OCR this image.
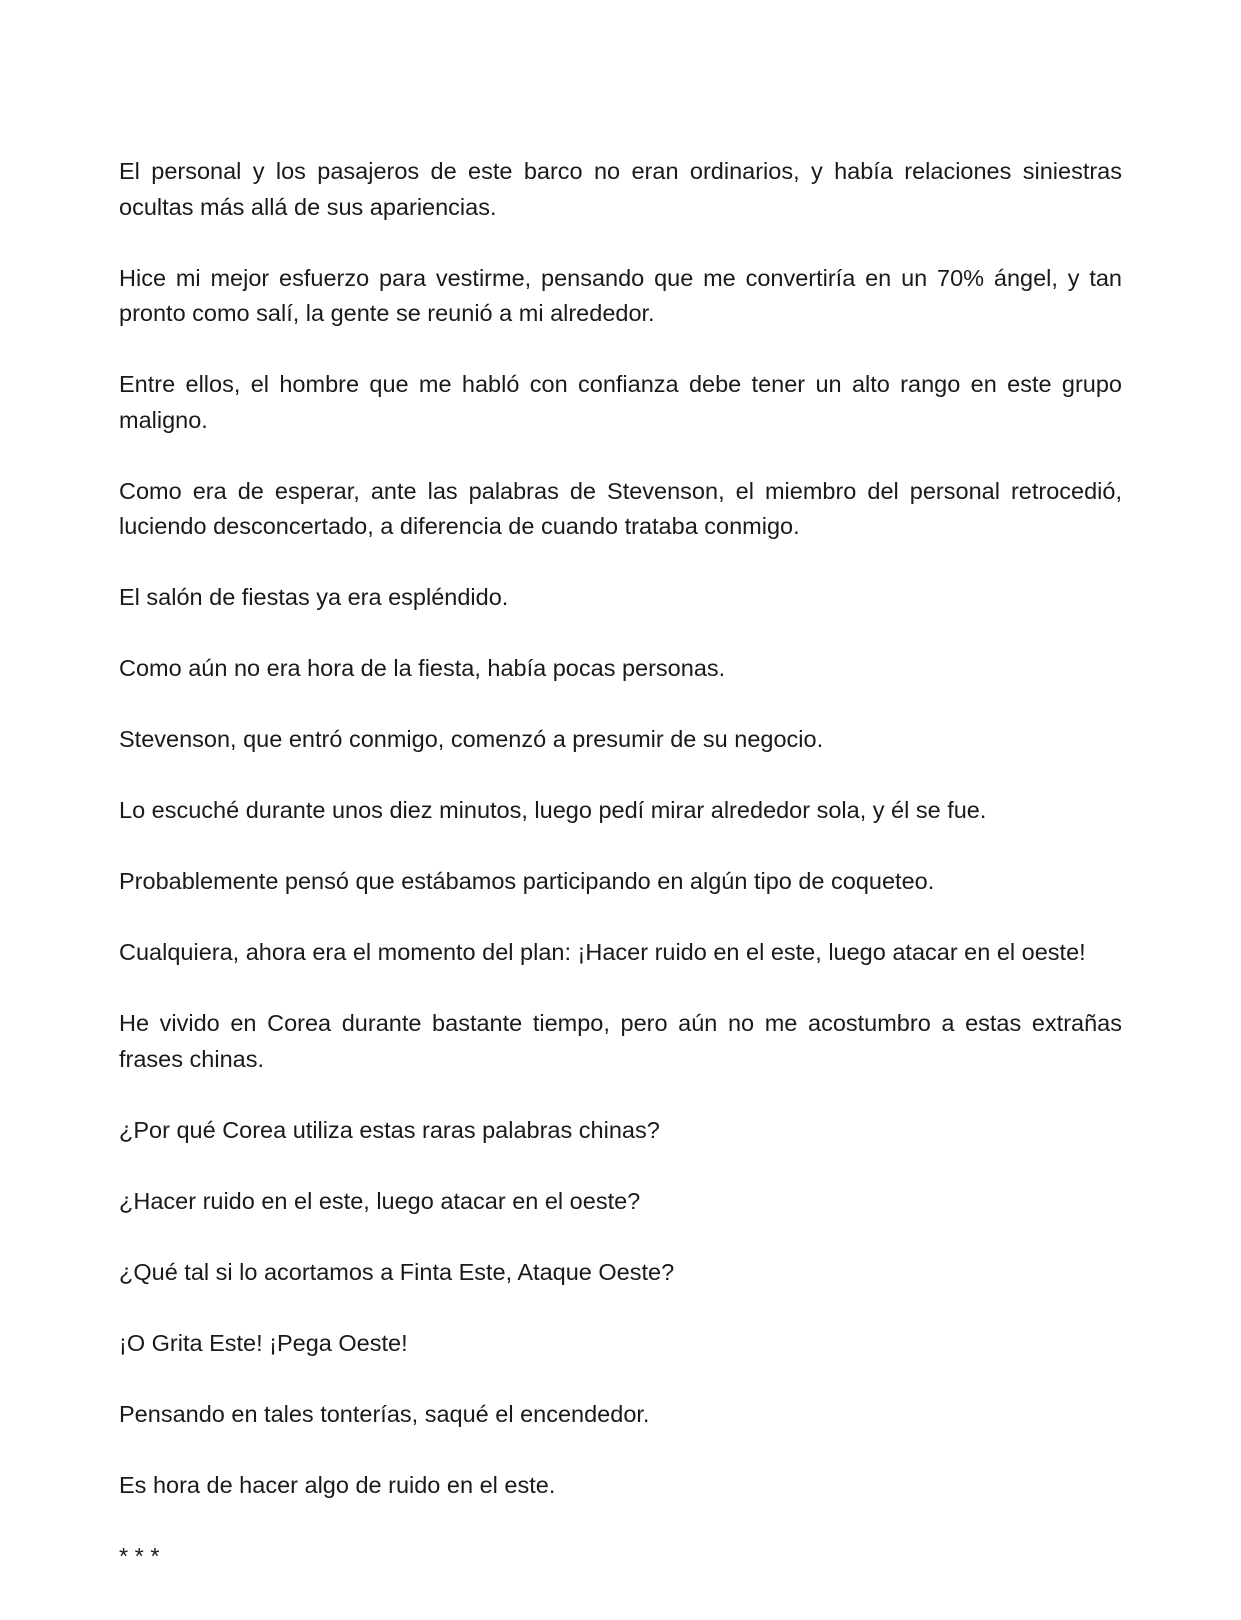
El personal y los pasajeros de este barco no eran ordinarios, y había relaciones siniestras ocultas más allá de sus apariencias.

Hice mi mejor esfuerzo para vestirme, pensando que me convertiría en un 70% ángel, y tan pronto como salí, la gente se reunió a mi alrededor.

Entre ellos, el hombre que me habló con confianza debe tener un alto rango en este grupo maligno.

Como era de esperar, ante las palabras de Stevenson, el miembro del personal retrocedió, luciendo desconcertado, a diferencia de cuando trataba conmigo.

El salón de fiestas ya era espléndido.

Como aún no era hora de la fiesta, había pocas personas.

Stevenson, que entró conmigo, comenzó a presumir de su negocio.

Lo escuché durante unos diez minutos, luego pedí mirar alrededor sola, y él se fue.

Probablemente pensó que estábamos participando en algún tipo de coqueteo.

Cualquiera, ahora era el momento del plan: ¡Hacer ruido en el este, luego atacar en el oeste!

He vivido en Corea durante bastante tiempo, pero aún no me acostumbro a estas extrañas frases chinas.

¿Por qué Corea utiliza estas raras palabras chinas?

¿Hacer ruido en el este, luego atacar en el oeste?

¿Qué tal si lo acortamos a Finta Este, Ataque Oeste?

¡O Grita Este! ¡Pega Oeste!

Pensando en tales tonterías, saqué el encendedor.

Es hora de hacer algo de ruido en el este.

* * *
